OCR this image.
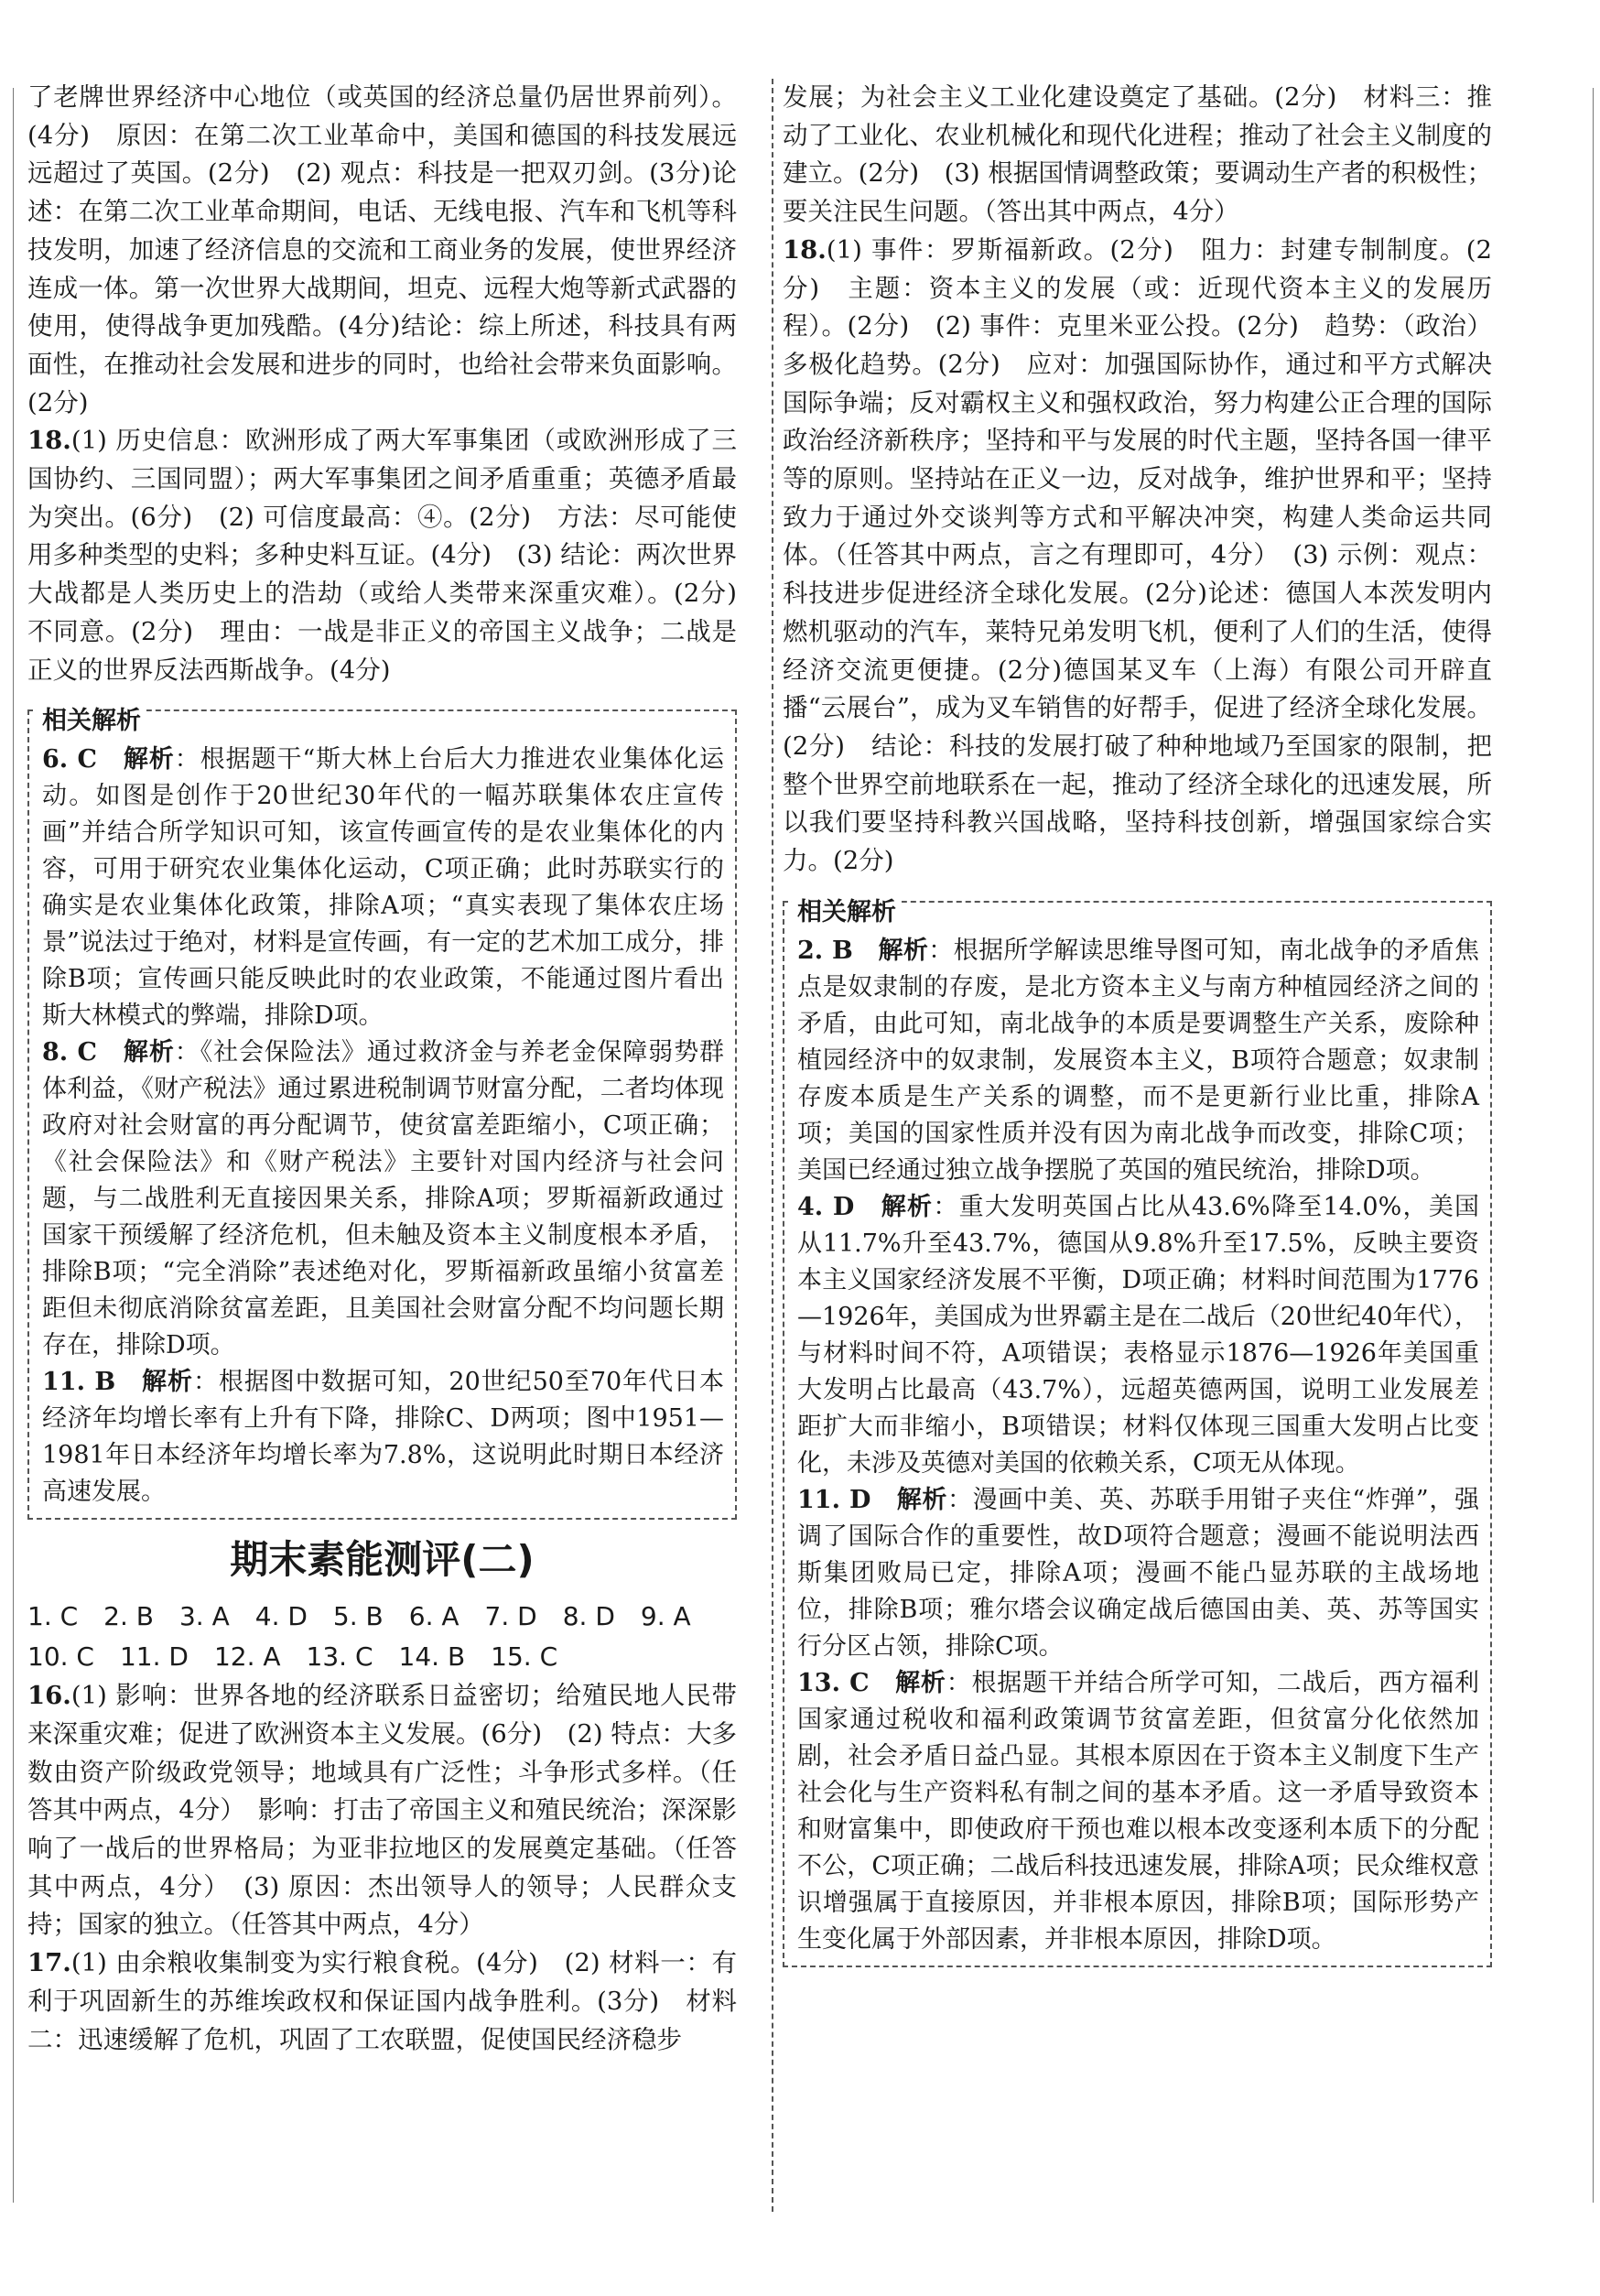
了老牌世界经济中心地位（或英国的经济总量仍居世界前列）。(4分)　原因：在第二次工业革命中，美国和德国的科技发展远远超过了英国。(2分)　(2) 观点：科技是一把双刃剑。(3分)论述：在第二次工业革命期间，电话、无线电报、汽车和飞机等科技发明，加速了经济信息的交流和工商业务的发展，使世界经济连成一体。第一次世界大战期间，坦克、远程大炮等新式武器的使用，使得战争更加残酷。(4分)结论：综上所述，科技具有两面性，在推动社会发展和进步的同时，也给社会带来负面影响。(2分)

18.(1) 历史信息：欧洲形成了两大军事集团（或欧洲形成了三国协约、三国同盟）；两大军事集团之间矛盾重重；英德矛盾最为突出。(6分)　(2) 可信度最高：④。(2分)　方法：尽可能使用多种类型的史料；多种史料互证。(4分)　(3) 结论：两次世界大战都是人类历史上的浩劫（或给人类带来深重灾难）。(2分)　不同意。(2分)　理由：一战是非正义的帝国主义战争；二战是正义的世界反法西斯战争。(4分)

相关解析

6. C　 解析：根据题干“斯大林上台后大力推进农业集体化运动。如图是创作于20世纪30年代的一幅苏联集体农庄宣传画”并结合所学知识可知，该宣传画宣传的是农业集体化的内容，可用于研究农业集体化运动，C项正确；此时苏联实行的确实是农业集体化政策，排除A项；“真实表现了集体农庄场景”说法过于绝对，材料是宣传画，有一定的艺术加工成分，排除B项；宣传画只能反映此时的农业政策，不能通过图片看出斯大林模式的弊端，排除D项。

8. C　 解析：《社会保险法》通过救济金与养老金保障弱势群体利益，《财产税法》通过累进税制调节财富分配，二者均体现政府对社会财富的再分配调节，使贫富差距缩小，C项正确；《社会保险法》和《财产税法》主要针对国内经济与社会问题，与二战胜利无直接因果关系，排除A项；罗斯福新政通过国家干预缓解了经济危机，但未触及资本主义制度根本矛盾，排除B项；“完全消除”表述绝对化，罗斯福新政虽缩小贫富差距但未彻底消除贫富差距，且美国社会财富分配不均问题长期存在，排除D项。

11. B　 解析：根据图中数据可知，20世纪50至70年代日本经济年均增长率有上升有下降，排除C、D两项；图中1951—1981年日本经济年均增长率为7.8%，这说明此时期日本经济高速发展。

期末素能测评(二)

1. C　2. B　3. A　4. D　5. B　6. A　7. D　8. D　9. A

10. C　11. D　12. A　13. C　14. B　15. C

16.(1) 影响：世界各地的经济联系日益密切；给殖民地人民带来深重灾难；促进了欧洲资本主义发展。(6分)　(2) 特点：大多数由资产阶级政党领导；地域具有广泛性；斗争形式多样。（任答其中两点，4分）　影响：打击了帝国主义和殖民统治；深深影响了一战后的世界格局；为亚非拉地区的发展奠定基础。（任答其中两点，4分）　(3) 原因：杰出领导人的领导；人民群众支持；国家的独立。（任答其中两点，4分）

17.(1) 由余粮收集制变为实行粮食税。(4分)　(2) 材料一：有利于巩固新生的苏维埃政权和保证国内战争胜利。(3分)　材料二：迅速缓解了危机，巩固了工农联盟，促使国民经济稳步

发展；为社会主义工业化建设奠定了基础。(2分)　材料三：推动了工业化、农业机械化和现代化进程；推动了社会主义制度的建立。(2分)　(3) 根据国情调整政策；要调动生产者的积极性；要关注民生问题。（答出其中两点，4分）

18.(1) 事件：罗斯福新政。(2分)　阻力：封建专制制度。(2分)　主题：资本主义的发展（或：近现代资本主义的发展历程）。(2分)　(2) 事件：克里米亚公投。(2分)　趋势：（政治）多极化趋势。(2分)　应对：加强国际协作，通过和平方式解决国际争端；反对霸权主义和强权政治，努力构建公正合理的国际政治经济新秩序；坚持和平与发展的时代主题，坚持各国一律平等的原则。坚持站在正义一边，反对战争，维护世界和平；坚持致力于通过外交谈判等方式和平解决冲突，构建人类命运共同体。（任答其中两点，言之有理即可，4分）　(3) 示例：观点：科技进步促进经济全球化发展。(2分)论述：德国人本茨发明内燃机驱动的汽车，莱特兄弟发明飞机，便利了人们的生活，使得经济交流更便捷。(2分)德国某叉车（上海）有限公司开辟直播“云展台”，成为叉车销售的好帮手，促进了经济全球化发展。(2分)　结论：科技的发展打破了种种地域乃至国家的限制，把整个世界空前地联系在一起，推动了经济全球化的迅速发展，所以我们要坚持科教兴国战略，坚持科技创新，增强国家综合实力。(2分)

相关解析

2. B　 解析：根据所学解读思维导图可知，南北战争的矛盾焦点是奴隶制的存废，是北方资本主义与南方种植园经济之间的矛盾，由此可知，南北战争的本质是要调整生产关系，废除种植园经济中的奴隶制，发展资本主义，B项符合题意；奴隶制存废本质是生产关系的调整，而不是更新行业比重，排除A项；美国的国家性质并没有因为南北战争而改变，排除C项；美国已经通过独立战争摆脱了英国的殖民统治，排除D项。

4. D　 解析：重大发明英国占比从43.6%降至14.0%，美国从11.7%升至43.7%，德国从9.8%升至17.5%，反映主要资本主义国家经济发展不平衡，D项正确；材料时间范围为1776—1926年，美国成为世界霸主是在二战后（20世纪40年代），与材料时间不符，A项错误；表格显示1876—1926年美国重大发明占比最高（43.7%），远超英德两国，说明工业发展差距扩大而非缩小，B项错误；材料仅体现三国重大发明占比变化，未涉及英德对美国的依赖关系，C项无从体现。

11. D　 解析：漫画中美、英、苏联手用钳子夹住“炸弹”，强调了国际合作的重要性，故D项符合题意；漫画不能说明法西斯集团败局已定，排除A项；漫画不能凸显苏联的主战场地位，排除B项；雅尔塔会议确定战后德国由美、英、苏等国实行分区占领，排除C项。

13. C　 解析：根据题干并结合所学可知，二战后，西方福利国家通过税收和福利政策调节贫富差距，但贫富分化依然加剧，社会矛盾日益凸显。其根本原因在于资本主义制度下生产社会化与生产资料私有制之间的基本矛盾。这一矛盾导致资本和财富集中，即使政府干预也难以根本改变逐利本质下的分配不公，C项正确；二战后科技迅速发展，排除A项；民众维权意识增强属于直接原因，并非根本原因，排除B项；国际形势产生变化属于外部因素，并非根本原因，排除D项。
